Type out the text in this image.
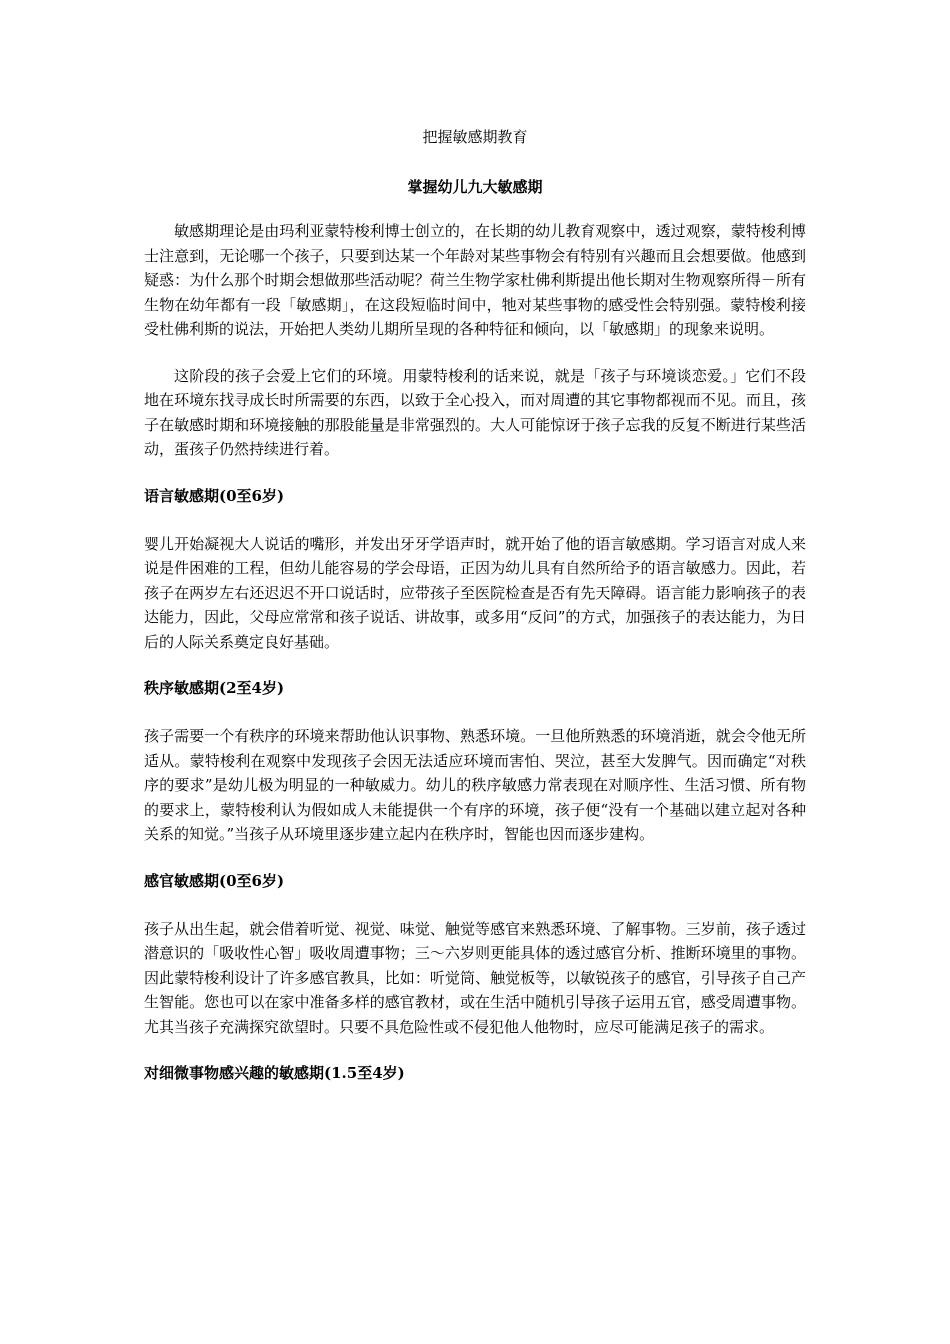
把握敏感期教育

掌握幼儿九大敏感期

敏感期理论是由玛利亚蒙特梭利博士创立的，在长期的幼儿教育观察中，透过观察，蒙特梭利博士注意到，无论哪一个孩子，只要到达某一个年龄对某些事物会有特别有兴趣而且会想要做。他感到疑惑：为什么那个时期会想做那些活动呢？荷兰生物学家杜佛利斯提出他长期对生物观察所得－所有生物在幼年都有一段「敏感期」，在这段短临时间中，牠对某些事物的感受性会特别强。蒙特梭利接受杜佛利斯的说法，开始把人类幼儿期所呈现的各种特征和倾向，以「敏感期」的现象来说明。

这阶段的孩子会爱上它们的环境。用蒙特梭利的话来说，就是「孩子与环境谈恋爱。」它们不段地在环境东找寻成长时所需要的东西，以致于全心投入，而对周遭的其它事物都视而不见。而且，孩子在敏感时期和环境接触的那股能量是非常强烈的。大人可能惊讶于孩子忘我的反复不断进行某些活动，蛋孩子仍然持续进行着。

语言敏感期(0至6岁)

婴儿开始凝视大人说话的嘴形，并发出牙牙学语声时，就开始了他的语言敏感期。学习语言对成人来说是件困难的工程，但幼儿能容易的学会母语，正因为幼儿具有自然所给予的语言敏感力。因此，若孩子在两岁左右还迟迟不开口说话时，应带孩子至医院检查是否有先天障碍。语言能力影响孩子的表达能力，因此，父母应常常和孩子说话、讲故事，或多用“反问”的方式，加强孩子的表达能力，为日后的人际关系奠定良好基础。

秩序敏感期(2至4岁)

孩子需要一个有秩序的环境来帮助他认识事物、熟悉环境。一旦他所熟悉的环境消逝，就会令他无所适从。蒙特梭利在观察中发现孩子会因无法适应环境而害怕、哭泣，甚至大发脾气。因而确定“对秩序的要求”是幼儿极为明显的一种敏威力。幼儿的秩序敏感力常表现在对顺序性、生活习惯、所有物的要求上，蒙特梭利认为假如成人未能提供一个有序的环境，孩子便“没有一个基础以建立起对各种关系的知觉。”当孩子从环境里逐步建立起内在秩序时，智能也因而逐步建构。

感官敏感期(0至6岁)

孩子从出生起，就会借着听觉、视觉、味觉、触觉等感官来熟悉环境、了解事物。三岁前，孩子透过潜意识的「吸收性心智」吸收周遭事物；三～六岁则更能具体的透过感官分析、推断环境里的事物。因此蒙特梭利设计了许多感官教具，比如：听觉筒、触觉板等，以敏锐孩子的感官，引导孩子自己产生智能。您也可以在家中准备多样的感官教材，或在生活中随机引导孩子运用五官，感受周遭事物。尤其当孩子充满探究欲望时。只要不具危险性或不侵犯他人他物时，应尽可能满足孩子的需求。

对细微事物感兴趣的敏感期(1.5至4岁)
